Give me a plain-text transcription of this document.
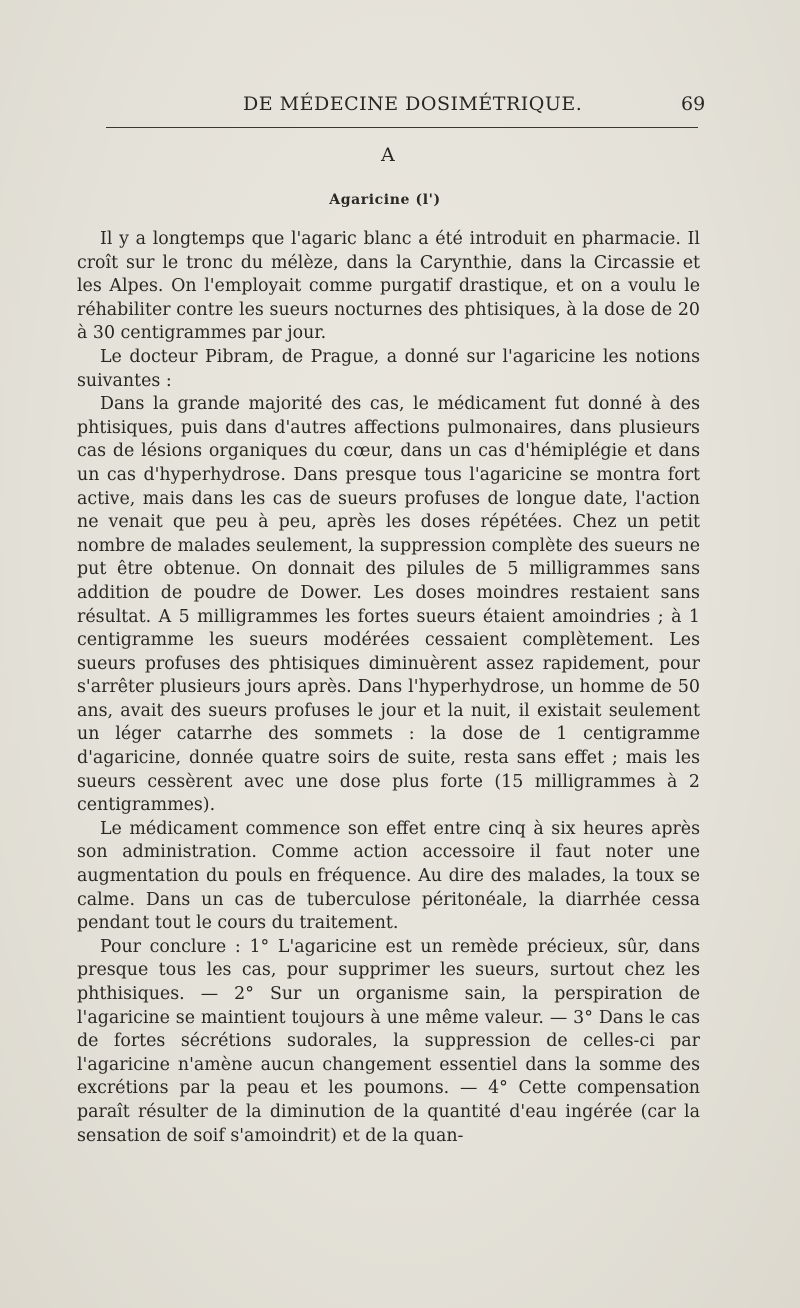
DE MÉDECINE DOSIMÉTRIQUE.	69
A
Agaricine (l')

Il y a longtemps que l'agaric blanc a été introduit en pharmacie. Il croît sur le tronc du mélèze, dans la Carynthie, dans la Circassie et les Alpes. On l'employait comme purgatif drastique, et on a voulu le réhabiliter contre les sueurs nocturnes des phtisiques, à la dose de 20 à 30 centigrammes par jour.

Le docteur Pibram, de Prague, a donné sur l'agaricine les notions suivantes :

Dans la grande majorité des cas, le médicament fut donné à des phtisiques, puis dans d'autres affections pulmonaires, dans plusieurs cas de lésions organiques du cœur, dans un cas d'hémiplégie et dans un cas d'hyperhydrose. Dans presque tous l'agaricine se montra fort active, mais dans les cas de sueurs profuses de longue date, l'action ne venait que peu à peu, après les doses répétées. Chez un petit nombre de malades seulement, la suppression complète des sueurs ne put être obtenue. On donnait des pilules de 5 milligrammes sans addition de poudre de Dower. Les doses moindres restaient sans résultat. A 5 milligrammes les fortes sueurs étaient amoindries ; à 1 centigramme les sueurs modérées cessaient complètement. Les sueurs profuses des phtisiques diminuèrent assez rapidement, pour s'arrêter plusieurs jours après. Dans l'hyperhydrose, un homme de 50 ans, avait des sueurs profuses le jour et la nuit, il existait seulement un léger catarrhe des sommets : la dose de 1 centigramme d'agaricine, donnée quatre soirs de suite, resta sans effet ; mais les sueurs cessèrent avec une dose plus forte (15 milligrammes à 2 centigrammes).

Le médicament commence son effet entre cinq à six heures après son administration. Comme action accessoire il faut noter une augmentation du pouls en fréquence. Au dire des malades, la toux se calme. Dans un cas de tuberculose péritonéale, la diarrhée cessa pendant tout le cours du traitement.

Pour conclure : 1° L'agaricine est un remède précieux, sûr, dans presque tous les cas, pour supprimer les sueurs, surtout chez les phthisiques. — 2° Sur un organisme sain, la perspiration de l'agaricine se maintient toujours à une même valeur. — 3° Dans le cas de fortes sécrétions sudorales, la suppression de celles-ci par l'agaricine n'amène aucun changement essentiel dans la somme des excrétions par la peau et les poumons. — 4° Cette compensation paraît résulter de la diminution de la quantité d'eau ingérée (car la sensation de soif s'amoindrit) et de la quan-
